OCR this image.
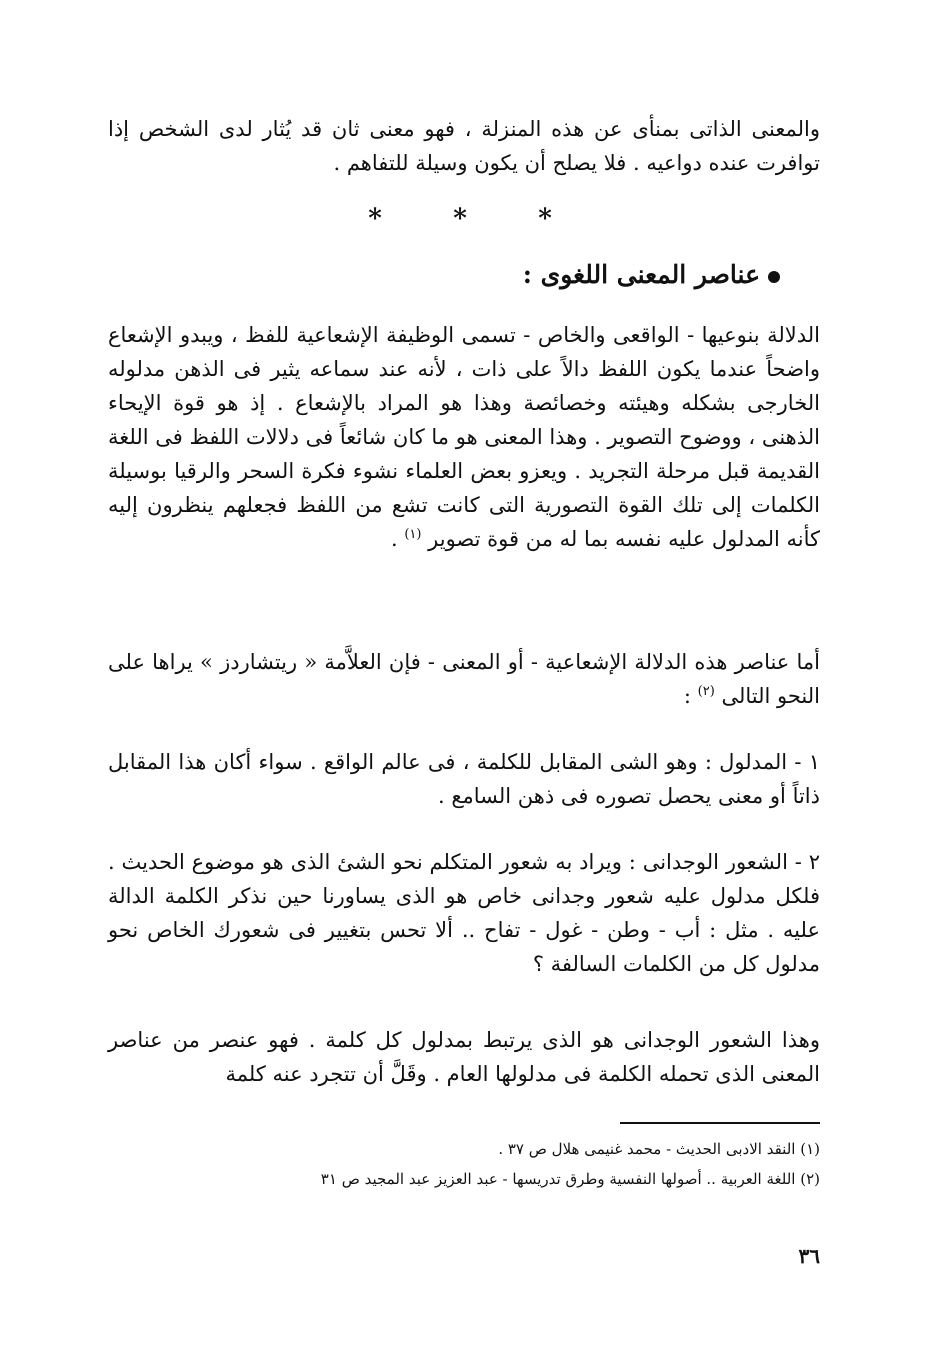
والمعنى الذاتى بمنأى عن هذه المنزلة ، فهو معنى ثان قد يُثار لدى الشخص إذا توافرت عنده دواعيه . فلا يصلح أن يكون وسيلة للتفاهم .

*	*	*
عناصر المعنى اللغوى :

الدلالة بنوعيها - الواقعى والخاص - تسمى الوظيفة الإشعاعية للفظ ، ويبدو الإشعاع واضحاً عندما يكون اللفظ دالاً على ذات ، لأنه عند سماعه يثير فى الذهن مدلوله الخارجى بشكله وهيئته وخصائصة وهذا هو المراد بالإشعاع . إذ هو قوة الإيحاء الذهنى ، ووضوح التصوير . وهذا المعنى هو ما كان شائعاً فى دلالات اللفظ فى اللغة القديمة قبل مرحلة التجريد . ويعزو بعض العلماء نشوء فكرة السحر والرقيا بوسيلة الكلمات إلى تلك القوة التصورية التى كانت تشع من اللفظ فجعلهم ينظرون إليه كأنه المدلول عليه نفسه بما له من قوة تصوير $^{(١)}$ .

أما عناصر هذه الدلالة الإشعاعية - أو المعنى - فإن العلاَّمة « ريتشاردز » يراها على النحو التالى $^{(٢)}$ :

١ - المدلول : وهو الشى المقابل للكلمة ، فى عالم الواقع . سواء أكان هذا المقابل ذاتاً أو معنى يحصل تصوره فى ذهن السامع .

٢ - الشعور الوجدانى : ويراد به شعور المتكلم نحو الشئ الذى هو موضوع الحديث . فلكل مدلول عليه شعور وجدانى خاص هو الذى يساورنا حين نذكر الكلمة الدالة عليه . مثل : أب - وطن - غول - تفاح .. ألا تحس بتغيير فى شعورك الخاص نحو مدلول كل من الكلمات السالفة ؟

وهذا الشعور الوجدانى هو الذى يرتبط بمدلول كل كلمة . فهو عنصر من عناصر المعنى الذى تحمله الكلمة فى مدلولها العام . وقَلَّ أن تتجرد عنه كلمة

(١) النقد الادبى الحديث - محمد غنيمى هلال ص ٣٧ .
(٢) اللغة العربية .. أصولها النفسية وطرق تدريسها - عبد العزيز عبد المجيد ص ٣١
٣٦
